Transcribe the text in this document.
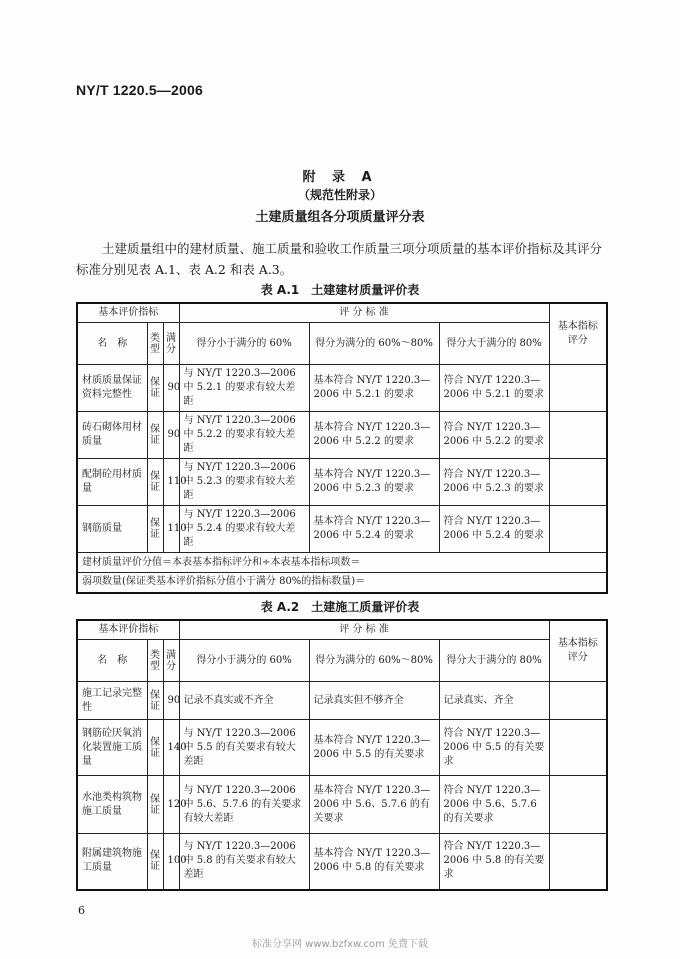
NY/T 1220.5—2006
附 录 A
（规范性附录）
土建质量组各分项质量评分表

土建质量组中的建材质量、施工质量和验收工作质量三项分项质量的基本评价指标及其评分标准分别见表 A.1、表 A.2 和表 A.3。

表 A.1　土建建材质量评价表
基本评价指标			评 分 标 准			基本指标评分
名　称	类型	满分	得分小于满分的 60%	得分为满分的 60%～80%	得分大于满分的 80%	
材质质量保证资料完整性	保证	90	与 NY/T 1220.3—2006 中 5.2.1 的要求有较大差距	基本符合 NY/T 1220.3—2006 中 5.2.1 的要求	符合 NY/T 1220.3—2006 中 5.2.1 的要求	
砖石砌体用材质量	保证	90	与 NY/T 1220.3—2006 中 5.2.2 的要求有较大差距	基本符合 NY/T 1220.3—2006 中 5.2.2 的要求	符合 NY/T 1220.3—2006 中 5.2.2 的要求	
配制砼用材质量	保证	110	与 NY/T 1220.3—2006 中 5.2.3 的要求有较大差距	基本符合 NY/T 1220.3—2006 中 5.2.3 的要求	符合 NY/T 1220.3—2006 中 5.2.3 的要求	
钢筋质量	保证	110	与 NY/T 1220.3—2006 中 5.2.4 的要求有较大差距	基本符合 NY/T 1220.3—2006 中 5.2.4 的要求	符合 NY/T 1220.3—2006 中 5.2.4 的要求	
建材质量评价分值＝本表基本指标评分和÷本表基本指标项数＝						
弱项数量(保证类基本评价指标分值小于满分 80%的指标数量)＝						
表 A.2　土建施工质量评价表
基本评价指标			评 分 标 准			基本指标评分
名　称	类型	满分	得分小于满分的 60%	得分为满分的 60%～80%	得分大于满分的 80%	
施工记录完整性	保证	90	记录不真实或不齐全	记录真实但不够齐全	记录真实、齐全	
钢筋砼厌氧消化装置施工质量	保证	140	与 NY/T 1220.3—2006 中 5.5 的有关要求有较大差距	基本符合 NY/T 1220.3—2006 中 5.5 的有关要求	符合 NY/T 1220.3—2006 中 5.5 的有关要求	
水池类构筑物施工质量	保证	120	与 NY/T 1220.3—2006 中 5.6、5.7.6 的有关要求有较大差距	基本符合 NY/T 1220.3—2006 中 5.6、5.7.6 的有关要求	符合 NY/T 1220.3—2006 中 5.6、5.7.6 的有关要求	
附属建筑物施工质量	保证	100	与 NY/T 1220.3—2006 中 5.8 的有关要求有较大差距	基本符合 NY/T 1220.3—2006 中 5.8 的有关要求	符合 NY/T 1220.3—2006 中 5.8 的有关要求	
6
标准分享网 www.bzfxw.com 免费下载
